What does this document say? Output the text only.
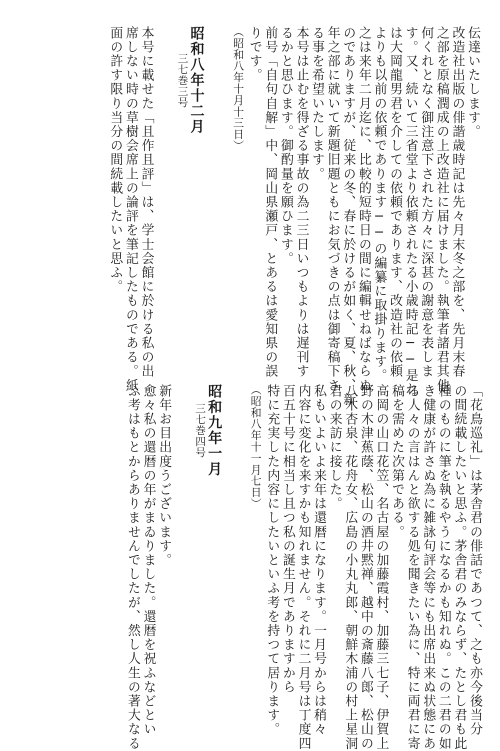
伝達いたします。
改造社出版の俳諧歳時記は先々月末冬之部を、先月末春
之部を原稿潤成の上改造社に届けました。執筆者諸君其他
何くれとなく御注意下された方々に深甚の謝意を表しま
す。又、続いて三省堂より依頼されたる小歳時記──是れ
は大岡龍男君を介しての依頼であります、改造社の依頼
よりも以前の依頼であります──の編纂に取掛ります。
之は来年二月迄に、比較的短時日の間に編輯せねばならぬ
のでありますが、従来の冬、春に於けるが如く、夏、秋、新
年之部に就いて新題旧題ともにお気づきの点は御寄稿下さ
る事を希望いたします。
本号は止むを得ざる事故の為二三日いつもよりは遅刊す
るかと思ひます。御酌量を願ひます。
前号「自句自解」中、岡山県瀬戸、とあるは愛知県の誤
りです。
（昭和八年十月十三日）
昭和八年十二月
三七巻三号
本号に載せた「且作且評」は、学士会館に於ける私の出
席しない時の草樹会席上の論評を筆記したものである。紙
面の許す限り当分の間続載したいと思ふ。
「花鳥巡礼」は茅舎君の俳話であつて、之も亦今後当分
の間続載したいと思ふ。茅舎君のみならず、たとし君も此
種のものに筆を執るやうになるかも知れぬ。この二君の如
き健康が許さぬ為に雑詠句評会等にも出席出来ぬ状態にあ
る人々の言はんと欲する処を聞きたい為に、特に両君に寄
稿を需めた次第である。
高岡の山口花笠、名古屋の加藤霞村、加藤三七子、伊賀上
野の木津蕉蔭、松山の酒井黙禅、越中の斎藤八郎、松山の
八木杏泉、花舟女、広島の小丸丸郎、朝鮮木浦の村上星洞
君の来訪に接した。
私もいよいよ来年は還暦になります。一月号からは稍々
内容に変化を来すかも知れません。それに二月号は丁度四
百五十号に相当し且つ私の誕生月でありますから
特に充実した内容にしたいといふ考を持つて居ります。
（昭和八年十一月七日）
昭和九年一月
三七巻四号
新年お目出度うございます。
愈々私の還暦の年がまゐりました。還暦を祝ふなどとい
ふ考はもとからありませんでしたが、然し人生の著大なる
